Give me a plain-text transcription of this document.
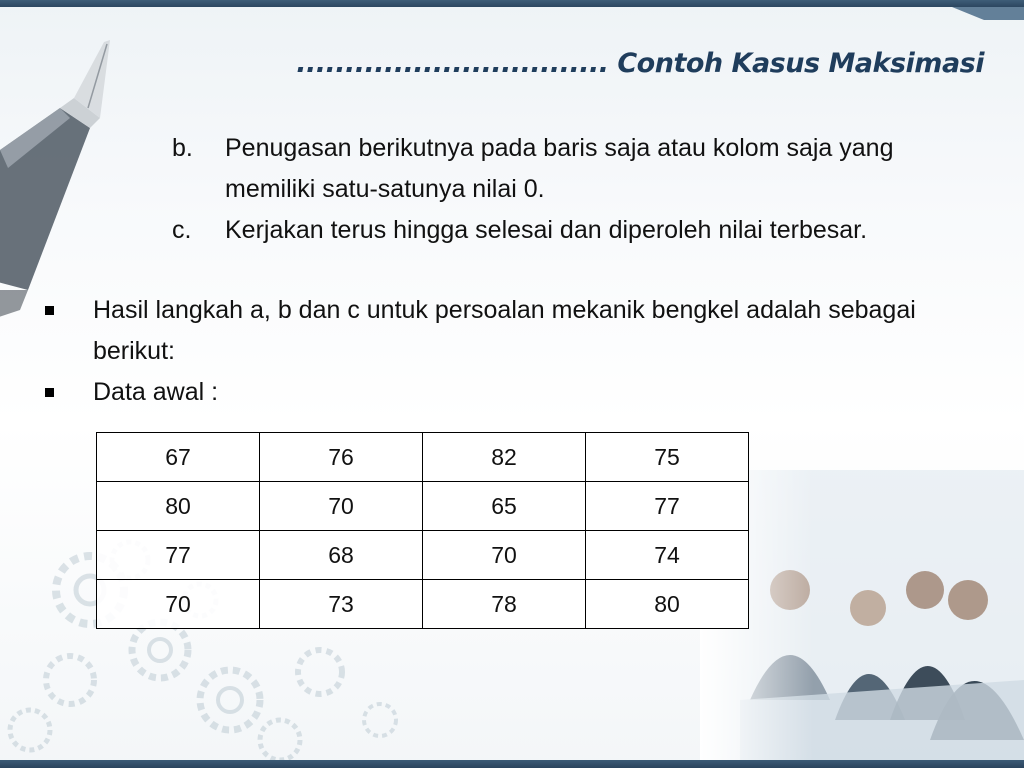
................................ Contoh Kasus Maksimasi
b.	Penugasan berikutnya pada baris saja atau kolom saja yang memiliki satu-satunya nilai 0.
c.	Kerjakan terus hingga selesai dan diperoleh nilai terbesar.
Hasil langkah a, b dan c untuk persoalan mekanik bengkel adalah sebagai berikut:
Data awal :
67	76	82	75
80	70	65	77
77	68	70	74
70	73	78	80
